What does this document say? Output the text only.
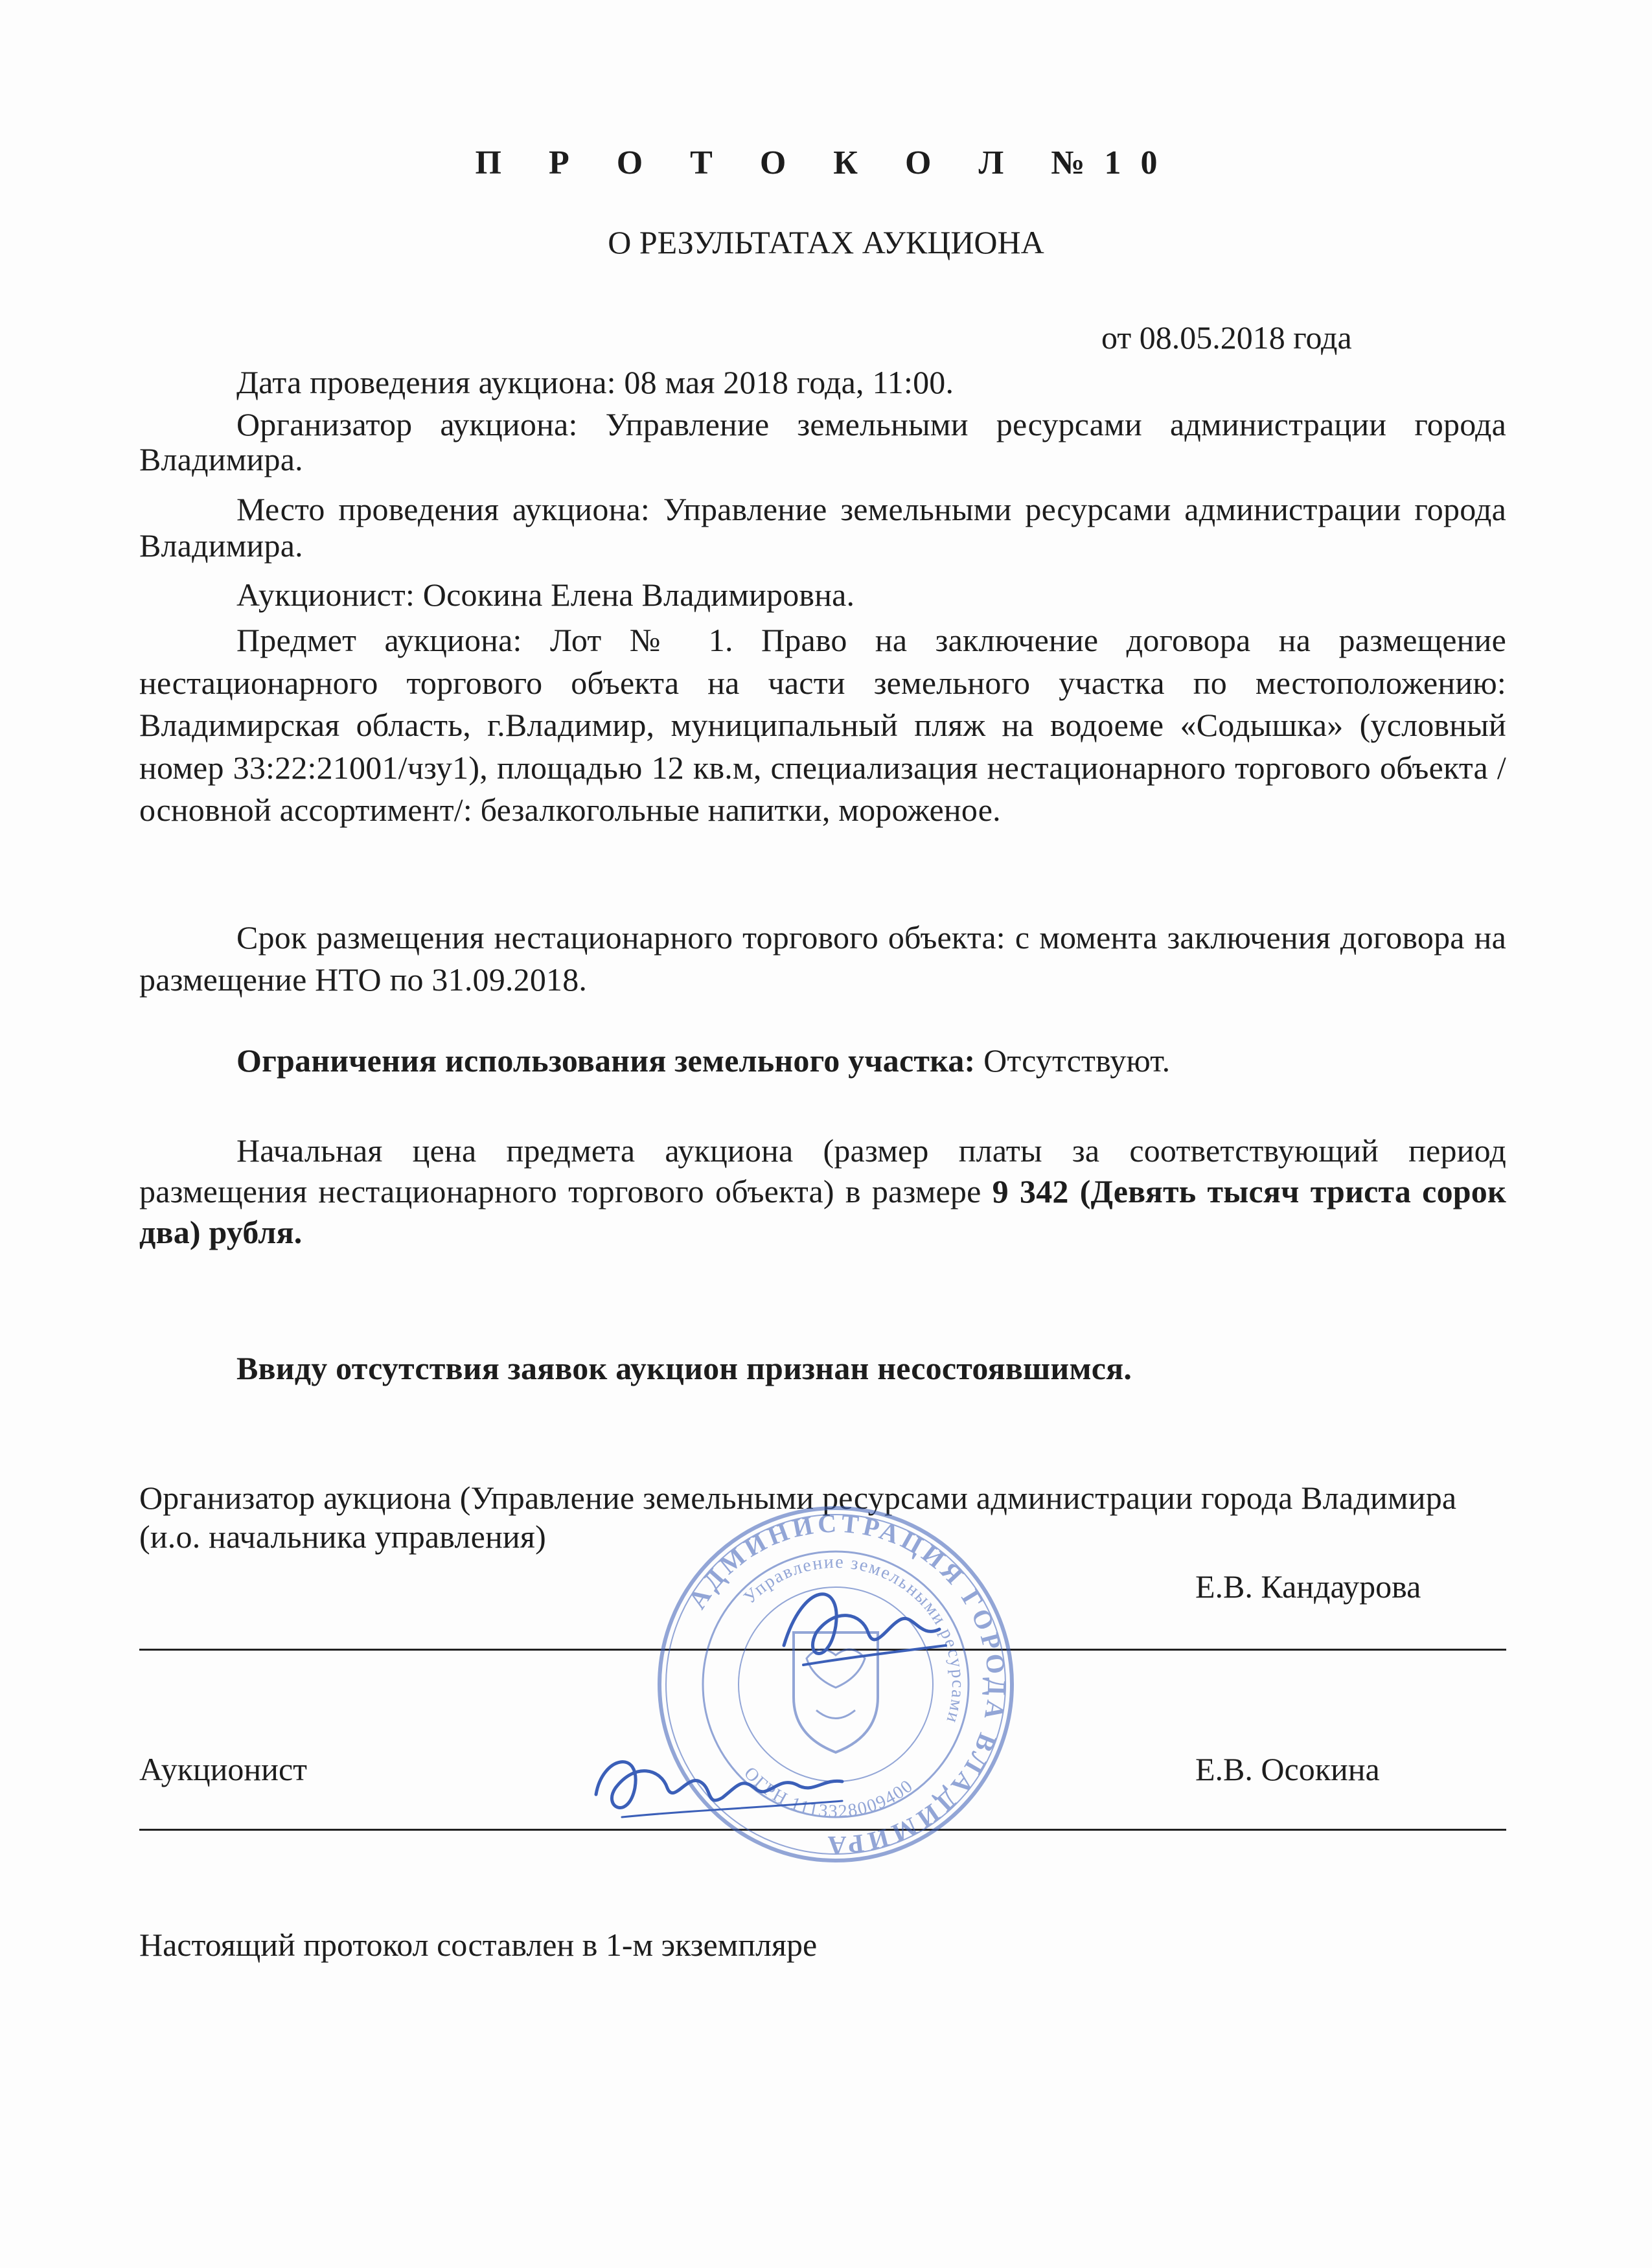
П Р О Т О К О Л №10
О РЕЗУЛЬТАТАХ АУКЦИОНА
от 08.05.2018 года
Дата проведения аукциона: 08 мая 2018 года, 11:00.
Организатор аукциона: Управление земельными ресурсами администрации города Владимира.
Место проведения аукциона: Управление земельными ресурсами администрации города Владимира.
Аукционист: Осокина Елена Владимировна.
Предмет аукциона: Лот № 1. Право на заключение договора на размещение нестационарного торгового объекта на части земельного участка по местоположению: Владимирская область, г.Владимир, муниципальный пляж на водоеме «Содышка» (условный номер 33:22:21001/чзу1), площадью 12 кв.м, специализация нестационарного торгового объекта /основной ассортимент/: безалкогольные напитки, мороженое.
Срок размещения нестационарного торгового объекта: с момента заключения договора на размещение НТО по 31.09.2018.
Ограничения использования земельного участка: Отсутствуют.
Начальная цена предмета аукциона (размер платы за соответствующий период размещения нестационарного торгового объекта) в размере 9 342 (Девять тысяч триста сорок два) рубля.
Ввиду отсутствия заявок аукцион признан несостоявшимся.
Организатор аукциона (Управление земельными ресурсами администрации города Владимира (и.о. начальника управления)
Е.В. Кандаурова
Аукционист	Е.В. Осокина
Настоящий протокол составлен в 1-м экземпляре
АДМИНИСТРАЦИЯ ГОРОДА ВЛАДИМИРА
Управление земельными ресурсами
ОГРН 1113328009400
